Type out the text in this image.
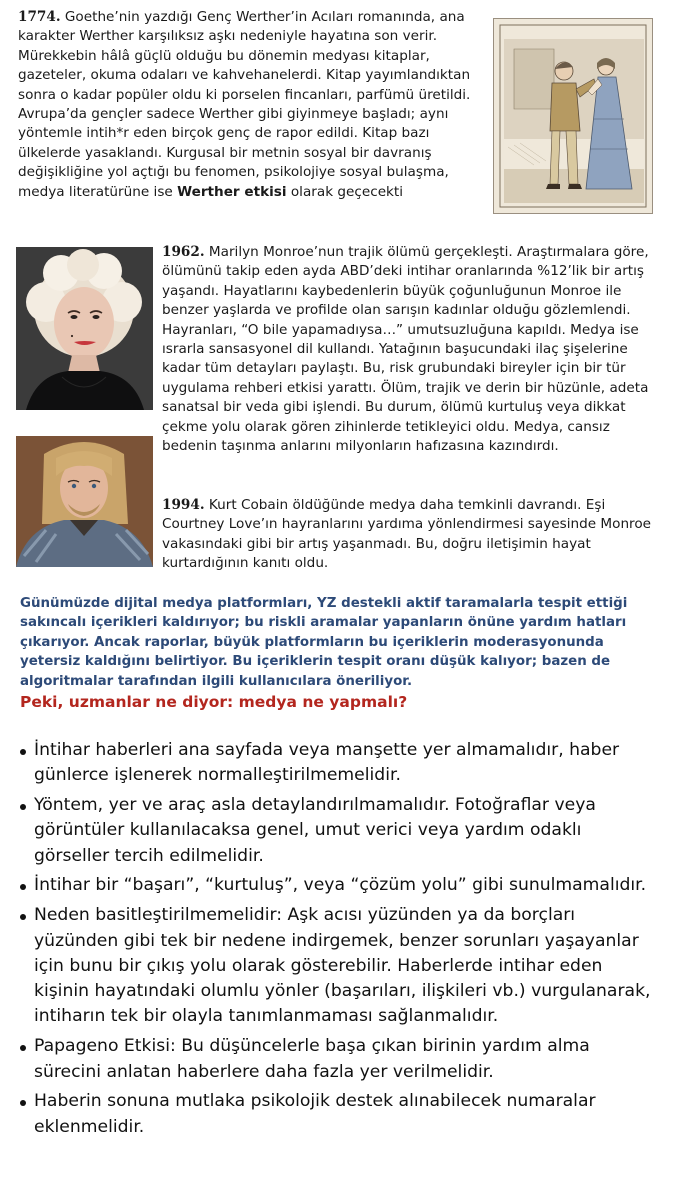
1774. Goethe’nin yazdığı Genç Werther’in Acıları romanında, ana karakter Werther karşılıksız aşkı nedeniyle hayatına son verir. Mürekkebin hâlâ güçlü olduğu bu dönemin medyası kitaplar, gazeteler, okuma odaları ve kahvehanelerdi. Kitap yayımlandıktan sonra o kadar popüler oldu ki porselen fincanları, parfümü üretildi. Avrupa’da gençler sadece Werther gibi giyinmeye başladı; aynı yöntemle intih*r eden birçok genç de rapor edildi. Kitap bazı ülkelerde yasaklandı. Kurgusal bir metnin sosyal bir davranış değişikliğine yol açtığı bu fenomen, psikolojiye sosyal bulaşma, medya literatürüne ise Werther etkisi olarak geçecekti

1962. Marilyn Monroe’nun trajik ölümü gerçekleşti. Araştırmalara göre, ölümünü takip eden ayda ABD’deki intihar oranlarında %12’lik bir artış yaşandı. Hayatlarını kaybedenlerin büyük çoğunluğunun Monroe ile benzer yaşlarda ve profilde olan sarışın kadınlar olduğu gözlemlendi. Hayranları, “O bile yapamadıysa…” umutsuzluğuna kapıldı. Medya ise ısrarla sansasyonel dil kullandı. Yatağının başucundaki ilaç şişelerine kadar tüm detayları paylaştı. Bu, risk grubundaki bireyler için bir tür uygulama rehberi etkisi yarattı. Ölüm, trajik ve derin bir hüzünle, adeta sanatsal bir veda gibi işlendi. Bu durum, ölümü kurtuluş veya dikkat çekme yolu olarak gören zihinlerde tetikleyici oldu. Medya, cansız bedenin taşınma anlarını milyonların hafızasına kazındırdı.

1994. Kurt Cobain öldüğünde medya daha temkinli davrandı. Eşi Courtney Love’ın hayranlarını yardıma yönlendirmesi sayesinde Monroe vakasındaki gibi bir artış yaşanmadı. Bu, doğru iletişimin hayat kurtardığının kanıtı oldu.

Günümüzde dijital medya platformları, YZ destekli aktif taramalarla tespit ettiği sakıncalı içerikleri kaldırıyor; bu riskli aramalar yapanların önüne yardım hatları çıkarıyor. Ancak raporlar, büyük platformların bu içeriklerin moderasyonunda yetersiz kaldığını belirtiyor. Bu içeriklerin tespit oranı düşük kalıyor; bazen de algoritmalar tarafından ilgili kullanıcılara öneriliyor.

Peki, uzmanlar ne diyor: medya ne yapmalı?

İntihar haberleri ana sayfada veya manşette yer almamalıdır, haber günlerce işlenerek normalleştirilmemelidir.
Yöntem, yer ve araç asla detaylandırılmamalıdır. Fotoğraflar veya görüntüler kullanılacaksa genel, umut verici veya yardım odaklı görseller tercih edilmelidir.
İntihar bir “başarı”, “kurtuluş”, veya “çözüm yolu” gibi sunulmamalıdır.
Neden basitleştirilmemelidir: Aşk acısı yüzünden ya da borçları yüzünden gibi tek bir nedene indirgemek, benzer sorunları yaşayanlar için bunu bir çıkış yolu olarak gösterebilir. Haberlerde intihar eden kişinin hayatındaki olumlu yönler (başarıları, ilişkileri vb.) vurgulanarak, intiharın tek bir olayla tanımlanmaması sağlanmalıdır.
Papageno Etkisi: Bu düşüncelerle başa çıkan birinin yardım alma sürecini anlatan haberlere daha fazla yer verilmelidir.
Haberin sonuna mutlaka psikolojik destek alınabilecek numaralar eklenmelidir.
